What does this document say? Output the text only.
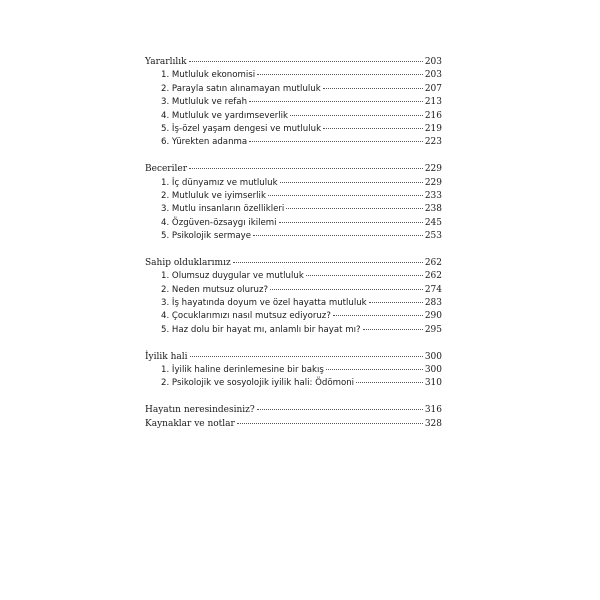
Yararlılık	203
1. Mutluluk ekonomisi	203
2. Parayla satın alınamayan mutluluk	207
3. Mutluluk ve refah	213
4. Mutluluk ve yardımseverlik	216
5. İş-özel yaşam dengesi ve mutluluk	219
6. Yürekten adanma	223
Beceriler	229
1. İç dünyamız ve mutluluk	229
2. Mutluluk ve iyimserlik	233
3. Mutlu insanların özellikleri	238
4. Özgüven-özsaygı ikilemi	245
5. Psikolojik sermaye	253
Sahip olduklarımız	262
1. Olumsuz duygular ve mutluluk	262
2. Neden mutsuz oluruz?	274
3. İş hayatında doyum ve özel hayatta mutluluk	283
4. Çocuklarımızı nasıl mutsuz ediyoruz?	290
5. Haz dolu bir hayat mı, anlamlı bir hayat mı?	295
İyilik hali	300
1. İyilik haline derinlemesine bir bakış	300
2. Psikolojik ve sosyolojik iyilik hali: Ödömoni	310
Hayatın neresindesiniz?	316
Kaynaklar ve notlar	328
